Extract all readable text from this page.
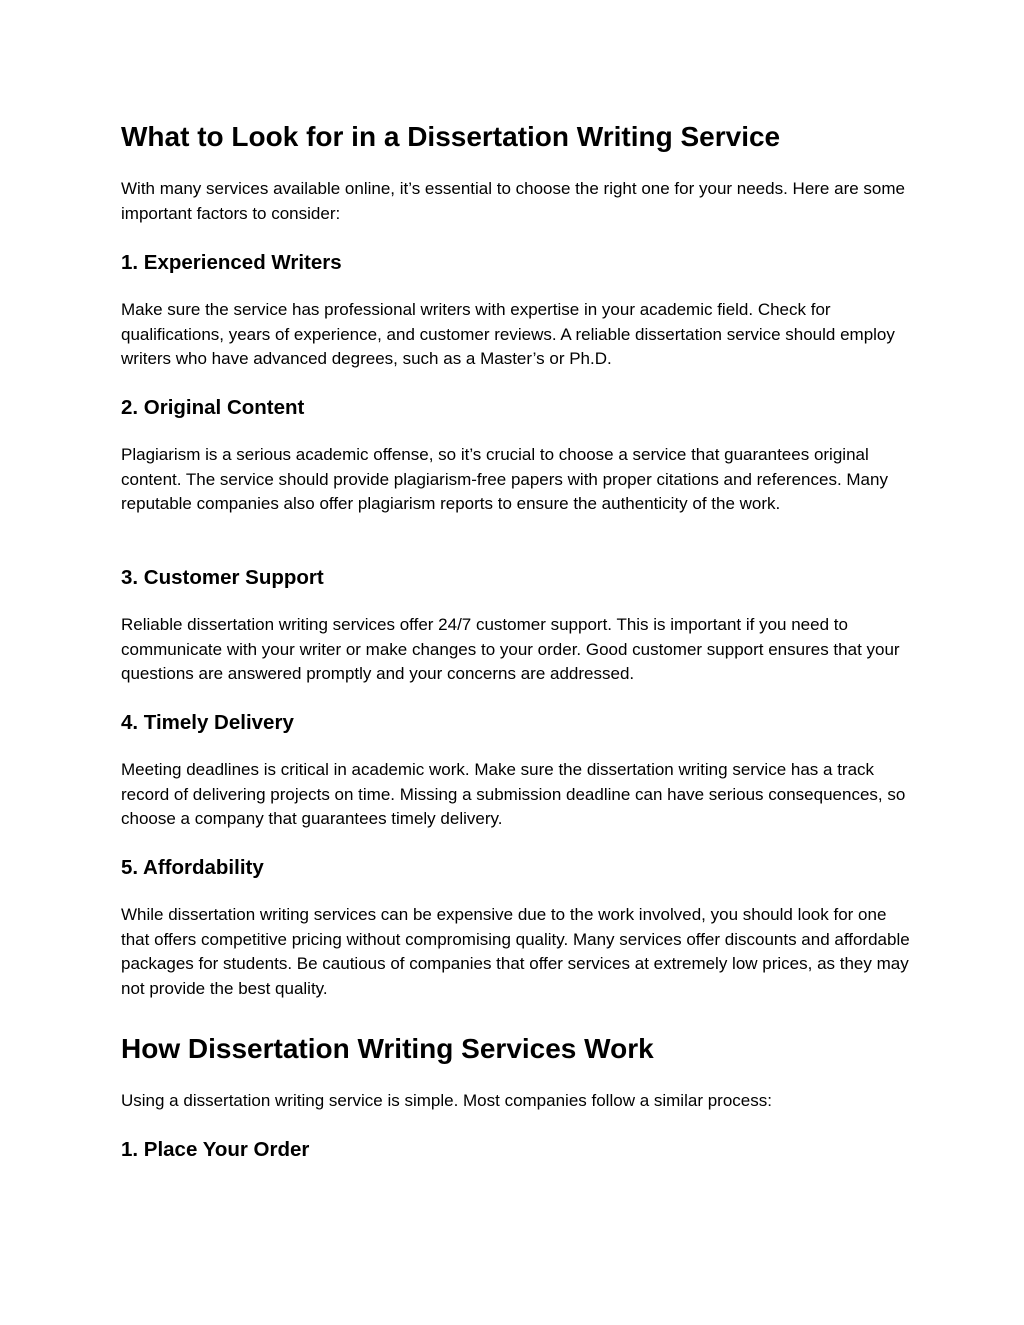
What to Look for in a Dissertation Writing Service

With many services available online, it’s essential to choose the right one for your needs. Here are some important factors to consider:

1. Experienced Writers

Make sure the service has professional writers with expertise in your academic field. Check for qualifications, years of experience, and customer reviews. A reliable dissertation service should employ writers who have advanced degrees, such as a Master’s or Ph.D.

2. Original Content

Plagiarism is a serious academic offense, so it’s crucial to choose a service that guarantees original content. The service should provide plagiarism-free papers with proper citations and references. Many reputable companies also offer plagiarism reports to ensure the authenticity of the work.

3. Customer Support

Reliable dissertation writing services offer 24/7 customer support. This is important if you need to communicate with your writer or make changes to your order. Good customer support ensures that your questions are answered promptly and your concerns are addressed.

4. Timely Delivery

Meeting deadlines is critical in academic work. Make sure the dissertation writing service has a track record of delivering projects on time. Missing a submission deadline can have serious consequences, so choose a company that guarantees timely delivery.

5. Affordability

While dissertation writing services can be expensive due to the work involved, you should look for one that offers competitive pricing without compromising quality. Many services offer discounts and affordable packages for students. Be cautious of companies that offer services at extremely low prices, as they may not provide the best quality.

How Dissertation Writing Services Work

Using a dissertation writing service is simple. Most companies follow a similar process:

1. Place Your Order
